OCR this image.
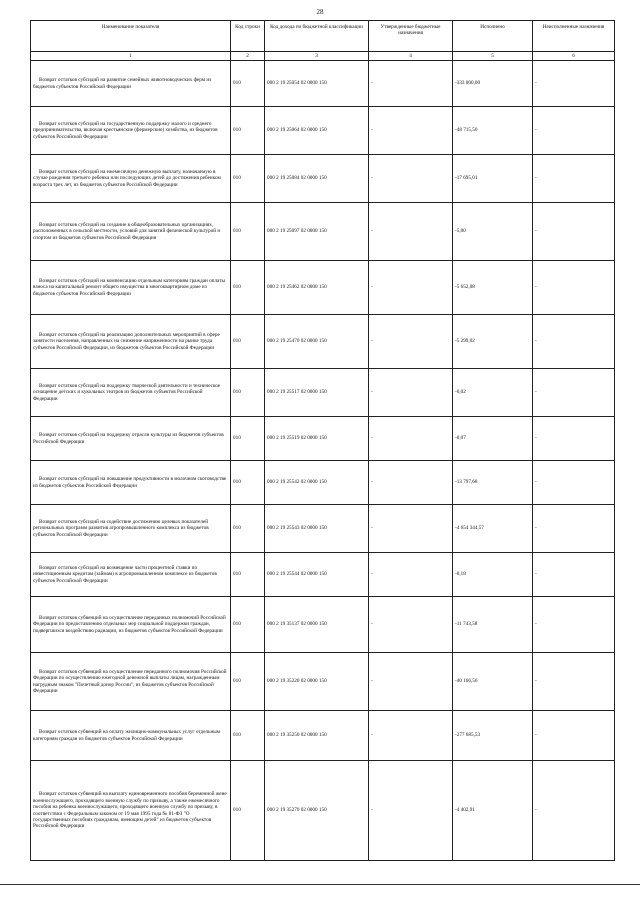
28
Наименование показателя	Код строки	Код дохода по бюджетной классификации	Утвержденные бюджетные назначения	Исполнено	Неисполненные назначения
1	2	3	4	5	6
Возврат остатков субсидий на развитие семейных животноводческих ферм из бюджетов субъектов Российской Федерации	010	000 2 19 25054 02 0000 150	-	-333 000,00	-
Возврат остатков субсидий на государственную поддержку малого и среднего предпринимательства, включая крестьянские (фермерские) хозяйства, из бюджетов субъектов Российской Федерации	010	000 2 19 25064 02 0000 150	-	-48 715,50	-
Возврат остатков субсидий на ежемесячную денежную выплату, назначаемую в случае рождения третьего ребенка или последующих детей до достижения ребенком возраста трех лет, из бюджетов субъектов Российской Федерации	010	000 2 19 25084 02 0000 150	-	-17 695,01	-
Возврат остатков субсидий на создание в общеобразовательных организациях, расположенных в сельской местности, условий для занятий физической культурой и спортом из бюджетов субъектов Российской Федерации	010	000 2 19 25097 02 0000 150	-	-5,00	-
Возврат остатков субсидий на компенсацию отдельным категориям граждан оплаты взноса на капитальный ремонт общего имущества в многоквартирном доме из бюджетов субъектов Российской Федерации	010	000 2 19 25462 02 0000 150	-	-5 652,08	-
Возврат остатков субсидий на реализацию дополнительных мероприятий в сфере занятости населения, направленных на снижение напряженности на рынке труда субъектов Российской Федерации, из бюджетов субъектов Российской Федерации	010	000 2 19 25470 02 0000 150	-	-5 299,02	-
Возврат остатков субсидий на поддержку творческой деятельности и техническое оснащение детских и кукольных театров из бюджетов субъектов Российской Федерации	010	000 2 19 25517 02 0000 150	-	-0,02	-
Возврат остатков субсидий на поддержку отрасли культуры из бюджетов субъектов Российской Федерации	010	000 2 19 25519 02 0000 150	-	-0,07	-
Возврат остатков субсидий на повышение продуктивности в молочном скотоводстве из бюджетов субъектов Российской Федерации	010	000 2 19 25542 02 0000 150	-	-13 797,68	-
Возврат остатков субсидий на содействие достижению целевых показателей региональных программ развития агропромышленного комплекса из бюджетов субъектов Российской Федерации	010	000 2 19 25543 02 0000 150	-	-4 654 344,57	-
Возврат остатков субсидий на возмещение части процентной ставки по инвестиционным кредитам (займам) в агропромышленном комплексе из бюджетов субъектов Российской Федерации	010	000 2 19 25544 02 0000 150	-	-0,18	-
Возврат остатков субвенций на осуществление переданных полномочий Российской Федерации по предоставлению отдельных мер социальной поддержки граждан, подвергшихся воздействию радиации, из бюджетов субъектов Российской Федерации	010	000 2 19 35137 02 0000 150	-	-11 743,58	-
Возврат остатков субвенций на осуществление переданного полномочия Российской Федерации по осуществлению ежегодной денежной выплаты лицам, награжденным нагрудным знаком "Почетный донор России", из бюджетов субъектов Российской Федерации	010	000 2 19 35220 02 0000 150	-	-40 166,56	-
Возврат остатков субвенций на оплату жилищно-коммунальных услуг отдельным категориям граждан из бюджетов субъектов Российской Федерации	010	000 2 19 35250 02 0000 150	-	-277 685,53	-
Возврат остатков субвенций на выплату единовременного пособия беременной жене военнослужащего, проходящего военную службу по призыву, а также ежемесячного пособия на ребенка военнослужащего, проходящего военную службу по призыву, в соответствии с Федеральным законом от 19 мая 1995 года № 81-ФЗ "О государственных пособиях гражданам, имеющим детей" из бюджетов субъектов Российской Федерации	010	000 2 19 35270 02 0000 150	-	-4 402,91	-
